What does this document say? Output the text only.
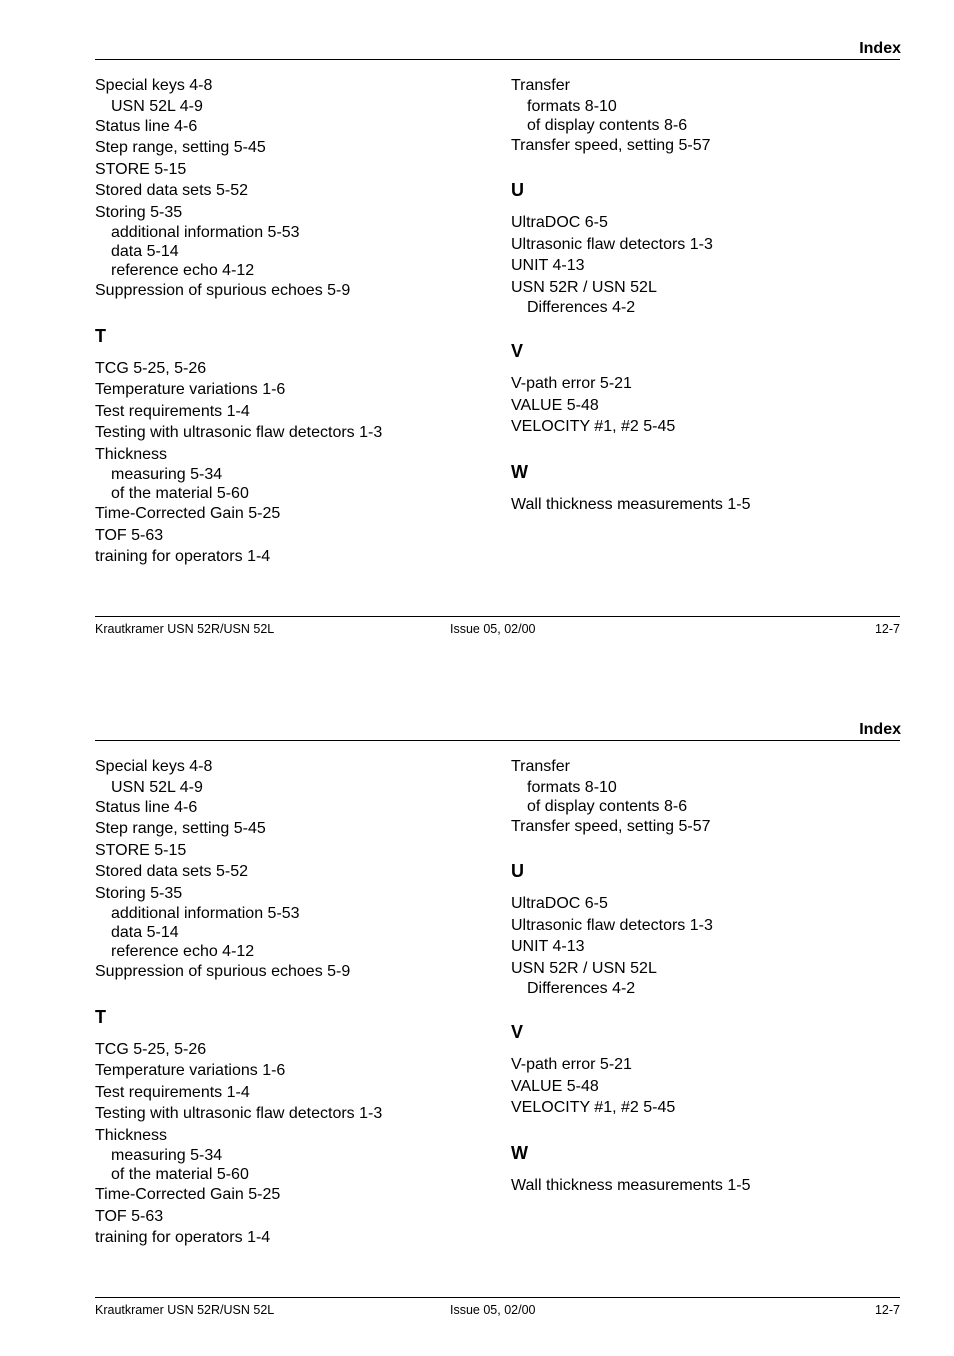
Index
Special keys 4-8
USN 52L 4-9
Status line 4-6
Step range, setting 5-45
STORE 5-15
Stored data sets 5-52
Storing 5-35
additional information 5-53
data 5-14
reference echo 4-12
Suppression of spurious echoes 5-9
T
TCG 5-25, 5-26
Temperature variations 1-6
Test requirements 1-4
Testing with ultrasonic flaw detectors 1-3
Thickness
measuring 5-34
of the material 5-60
Time-Corrected Gain 5-25
TOF 5-63
training for operators 1-4
Transfer
formats 8-10
of display contents 8-6
Transfer speed, setting 5-57
U
UltraDOC 6-5
Ultrasonic flaw detectors 1-3
UNIT 4-13
USN 52R / USN 52L
Differences 4-2
V
V-path error 5-21
VALUE 5-48
VELOCITY #1, #2 5-45
W
Wall thickness measurements 1-5
Krautkramer USN 52R/USN 52L	Issue 05, 02/00	12-7
Index
Special keys 4-8
USN 52L 4-9
Status line 4-6
Step range, setting 5-45
STORE 5-15
Stored data sets 5-52
Storing 5-35
additional information 5-53
data 5-14
reference echo 4-12
Suppression of spurious echoes 5-9
T
TCG 5-25, 5-26
Temperature variations 1-6
Test requirements 1-4
Testing with ultrasonic flaw detectors 1-3
Thickness
measuring 5-34
of the material 5-60
Time-Corrected Gain 5-25
TOF 5-63
training for operators 1-4
Transfer
formats 8-10
of display contents 8-6
Transfer speed, setting 5-57
U
UltraDOC 6-5
Ultrasonic flaw detectors 1-3
UNIT 4-13
USN 52R / USN 52L
Differences 4-2
V
V-path error 5-21
VALUE 5-48
VELOCITY #1, #2 5-45
W
Wall thickness measurements 1-5
Krautkramer USN 52R/USN 52L	Issue 05, 02/00	12-7
